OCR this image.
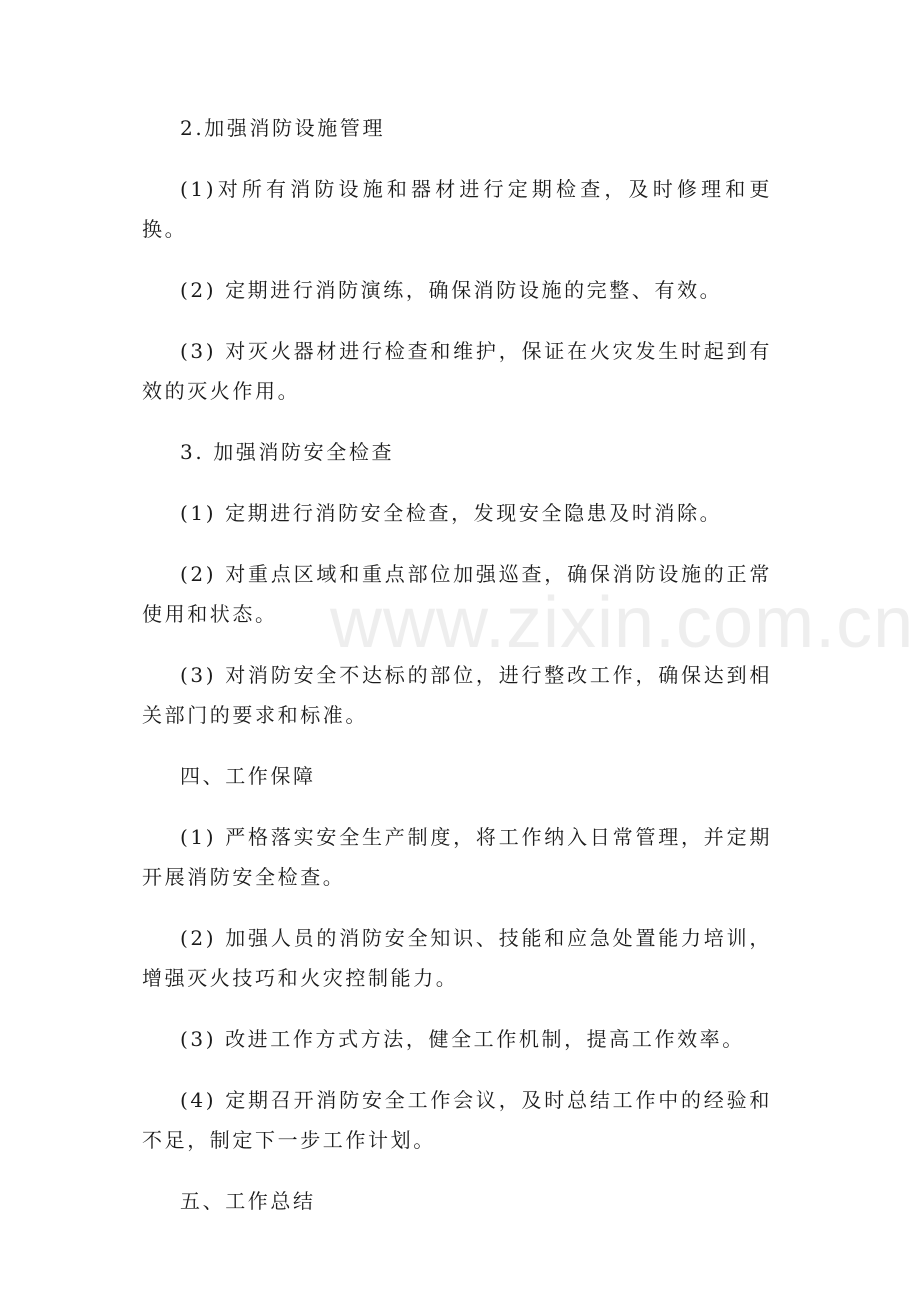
2.加强消防设施管理

(1)对所有消防设施和器材进行定期检查，及时修理和更换。

(2) 定期进行消防演练，确保消防设施的完整、有效。

(3) 对灭火器材进行检查和维护，保证在火灾发生时起到有效的灭火作用。

3. 加强消防安全检查

(1) 定期进行消防安全检查，发现安全隐患及时消除。

(2) 对重点区域和重点部位加强巡查，确保消防设施的正常使用和状态。

(3) 对消防安全不达标的部位，进行整改工作，确保达到相关部门的要求和标准。

四、工作保障

(1) 严格落实安全生产制度，将工作纳入日常管理，并定期开展消防安全检查。

(2) 加强人员的消防安全知识、技能和应急处置能力培训，增强灭火技巧和火灾控制能力。

(3) 改进工作方式方法，健全工作机制，提高工作效率。

(4) 定期召开消防安全工作会议，及时总结工作中的经验和不足，制定下一步工作计划。

五、工作总结

www.zixin.com.cn
